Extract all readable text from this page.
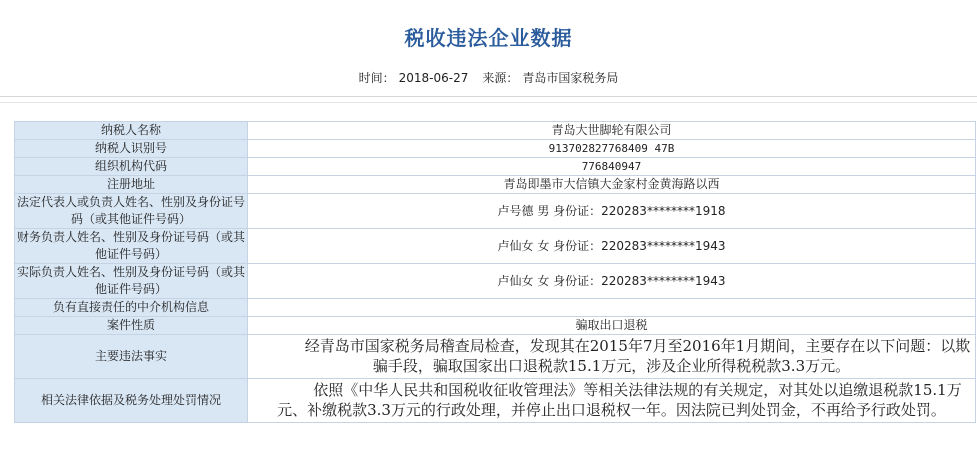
税收违法企业数据
时间： 2018-06-27 来源： 青岛市国家税务局
纳税人名称	青岛大世脚轮有限公司
纳税人识别号	913702827768409 47B
组织机构代码	776840947
注册地址	青岛即墨市大信镇大金家村金黄海路以西
法定代表人或负责人姓名、性别及身份证号码（或其他证件号码）	卢号德 男 身份证：220283********1918
财务负责人姓名、性别及身份证号码（或其他证件号码）	卢仙女 女 身份证：220283********1943
实际负责人姓名、性别及身份证号码（或其他证件号码）	卢仙女 女 身份证：220283********1943
负有直接责任的中介机构信息	
案件性质	骗取出口退税
主要违法事实	经青岛市国家税务局稽查局检查，发现其在2015年7月至2016年1月期间，主要存在以下问题：以欺骗手段，骗取国家出口退税款15.1万元，涉及企业所得税税款3.3万元。

相关法律依据及税务处理处罚情况	依照《中华人民共和国税收征收管理法》等相关法律法规的有关规定，对其处以追缴退税款15.1万元、补缴税款3.3万元的行政处理，并停止出口退税权一年。因法院已判处罚金，不再给予行政处罚。
